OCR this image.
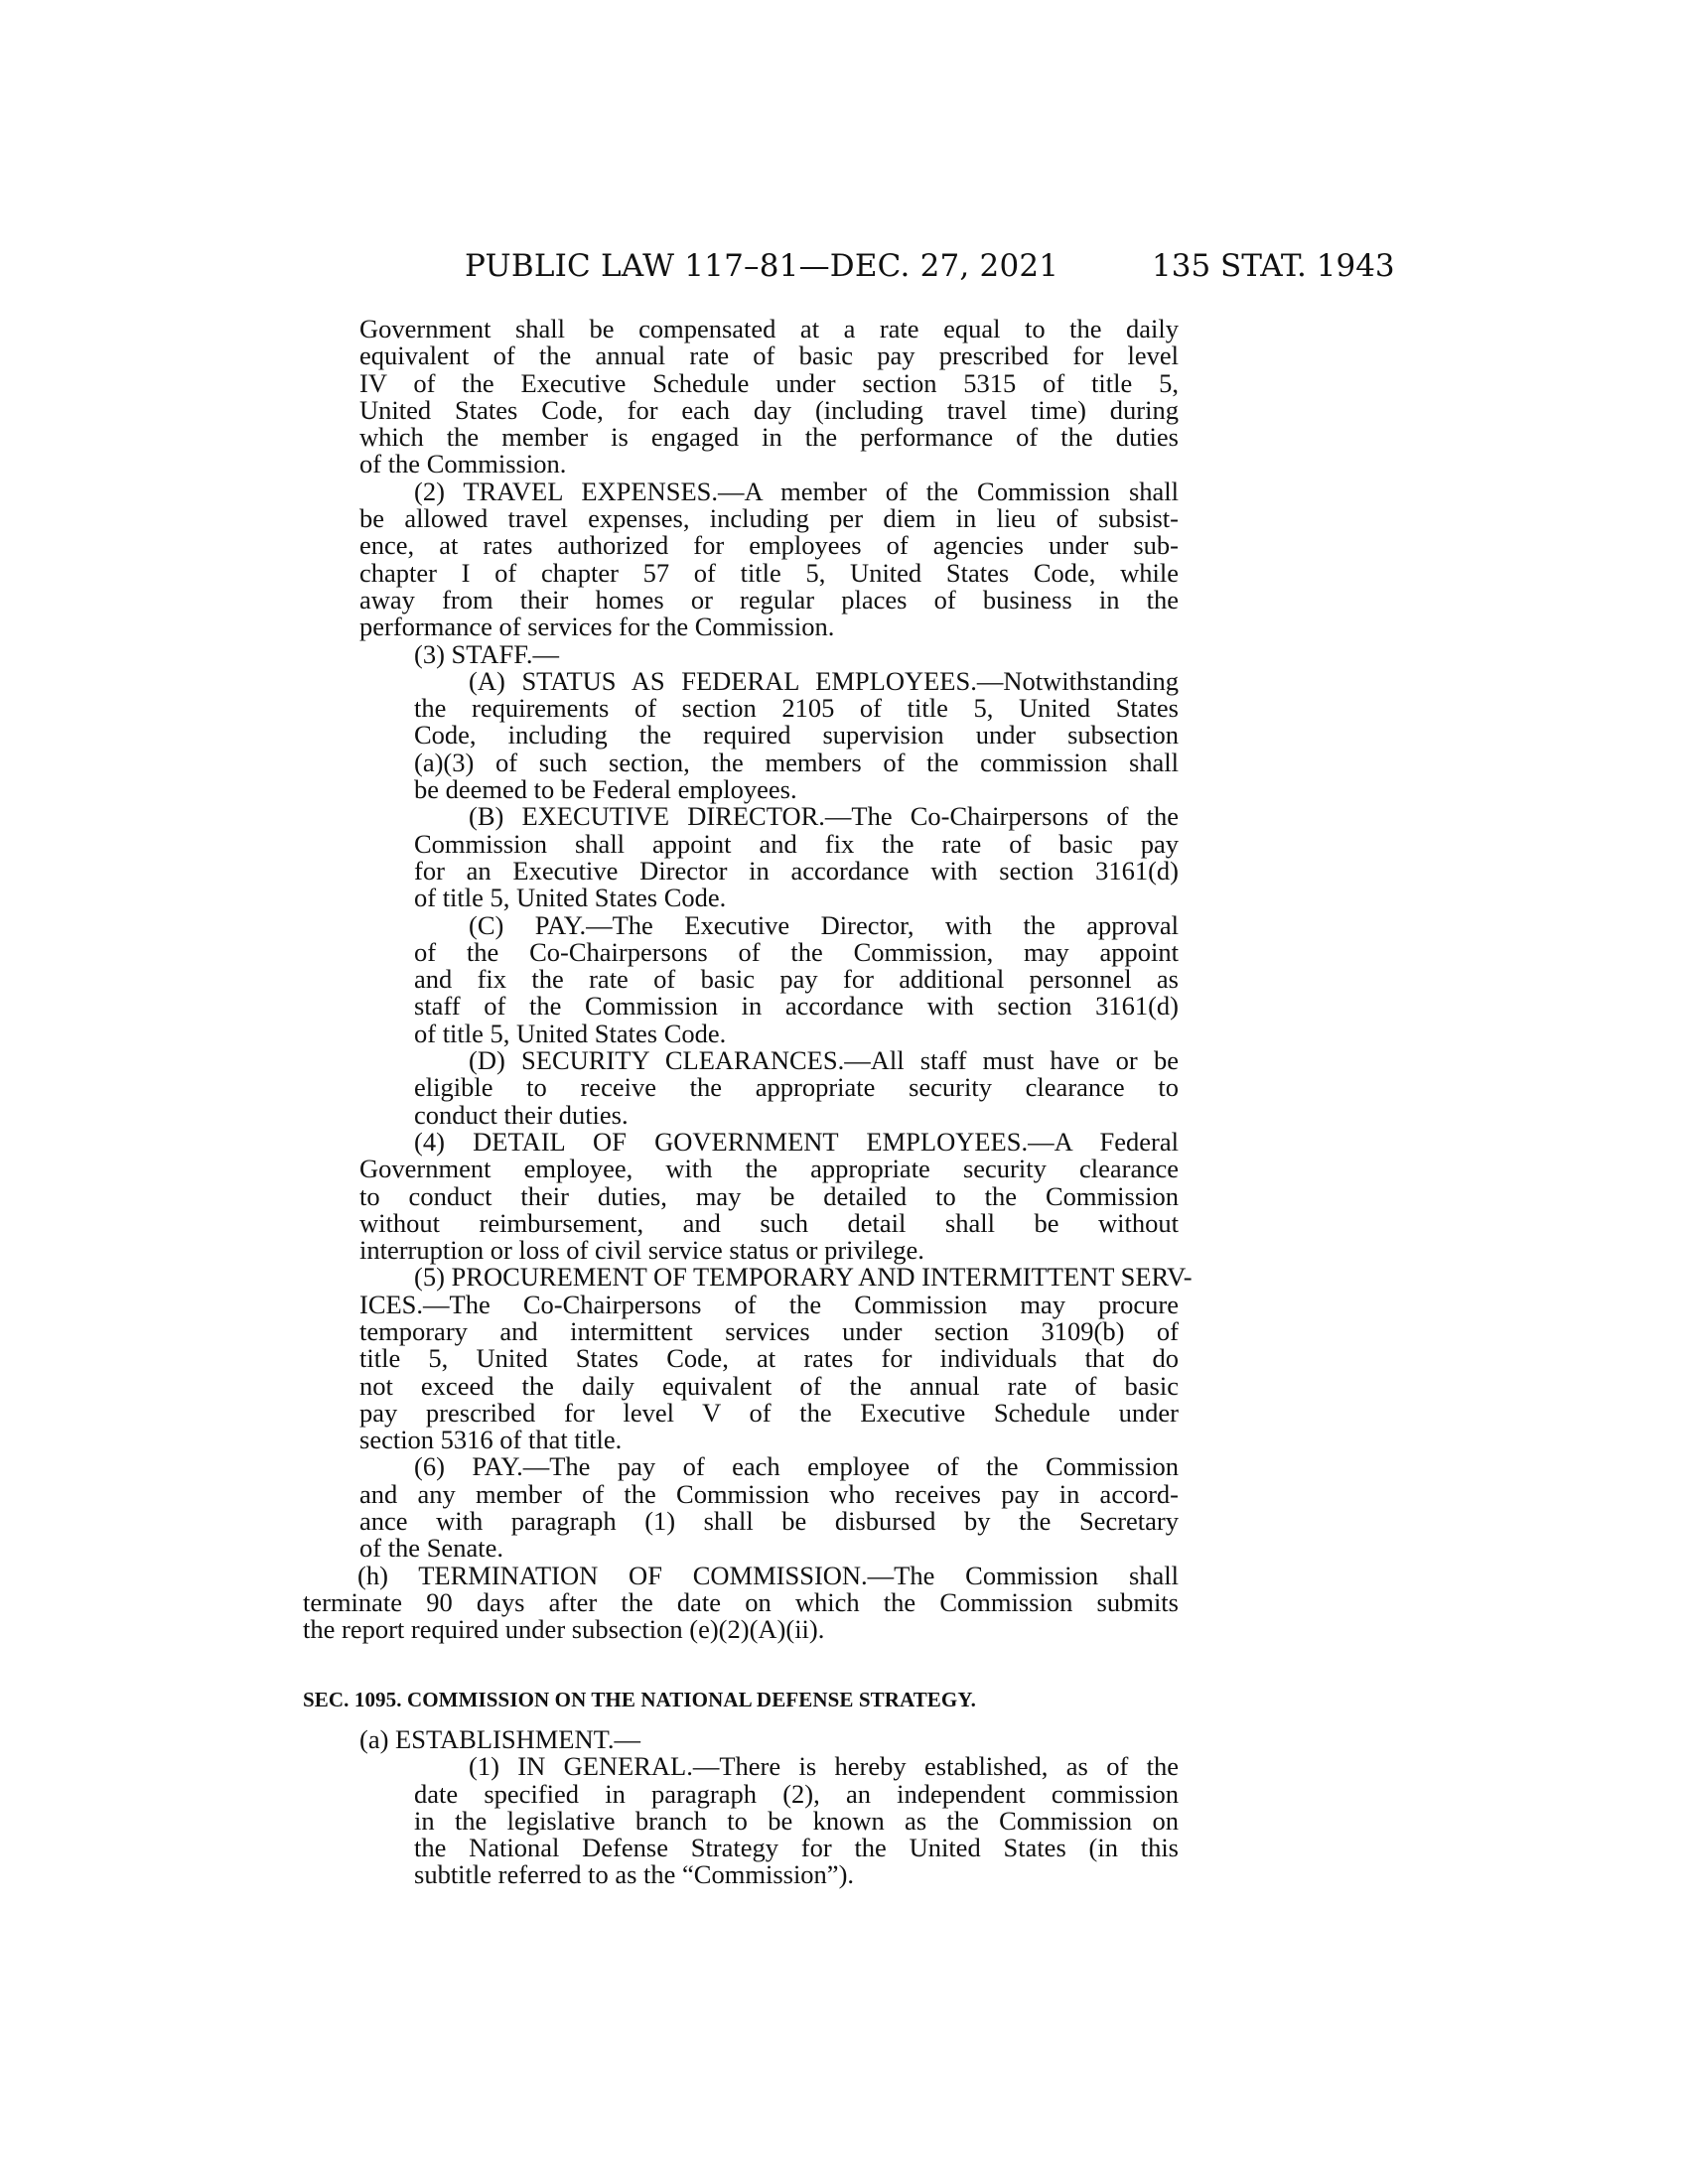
PUBLIC LAW 117–81—DEC. 27, 2021	135 STAT. 1943
Government shall be compensated at a rate equal to the daily
equivalent of the annual rate of basic pay prescribed for level
IV of the Executive Schedule under section 5315 of title 5,
United States Code, for each day (including travel time) during
which the member is engaged in the performance of the duties
of the Commission.
(2) TRAVEL EXPENSES.—A member of the Commission shall
be allowed travel expenses, including per diem in lieu of subsist-
ence, at rates authorized for employees of agencies under sub-
chapter I of chapter 57 of title 5, United States Code, while
away from their homes or regular places of business in the
performance of services for the Commission.
(3) STAFF.—
(A) STATUS AS FEDERAL EMPLOYEES.—Notwithstanding
the requirements of section 2105 of title 5, United States
Code, including the required supervision under subsection
(a)(3) of such section, the members of the commission shall
be deemed to be Federal employees.
(B) EXECUTIVE DIRECTOR.—The Co-Chairpersons of the
Commission shall appoint and fix the rate of basic pay
for an Executive Director in accordance with section 3161(d)
of title 5, United States Code.
(C) PAY.—The Executive Director, with the approval
of the Co-Chairpersons of the Commission, may appoint
and fix the rate of basic pay for additional personnel as
staff of the Commission in accordance with section 3161(d)
of title 5, United States Code.
(D) SECURITY CLEARANCES.—All staff must have or be
eligible to receive the appropriate security clearance to
conduct their duties.
(4) DETAIL OF GOVERNMENT EMPLOYEES.—A Federal
Government employee, with the appropriate security clearance
to conduct their duties, may be detailed to the Commission
without reimbursement, and such detail shall be without
interruption or loss of civil service status or privilege.
(5) PROCUREMENT OF TEMPORARY AND INTERMITTENT SERV-
ICES.—The Co-Chairpersons of the Commission may procure
temporary and intermittent services under section 3109(b) of
title 5, United States Code, at rates for individuals that do
not exceed the daily equivalent of the annual rate of basic
pay prescribed for level V of the Executive Schedule under
section 5316 of that title.
(6) PAY.—The pay of each employee of the Commission
and any member of the Commission who receives pay in accord-
ance with paragraph (1) shall be disbursed by the Secretary
of the Senate.
(h) TERMINATION OF COMMISSION.—The Commission shall
terminate 90 days after the date on which the Commission submits
the report required under subsection (e)(2)(A)(ii).
SEC. 1095. COMMISSION ON THE NATIONAL DEFENSE STRATEGY.
(a) ESTABLISHMENT.—
(1) IN GENERAL.—There is hereby established, as of the
date specified in paragraph (2), an independent commission
in the legislative branch to be known as the Commission on
the National Defense Strategy for the United States (in this
subtitle referred to as the “Commission”).
